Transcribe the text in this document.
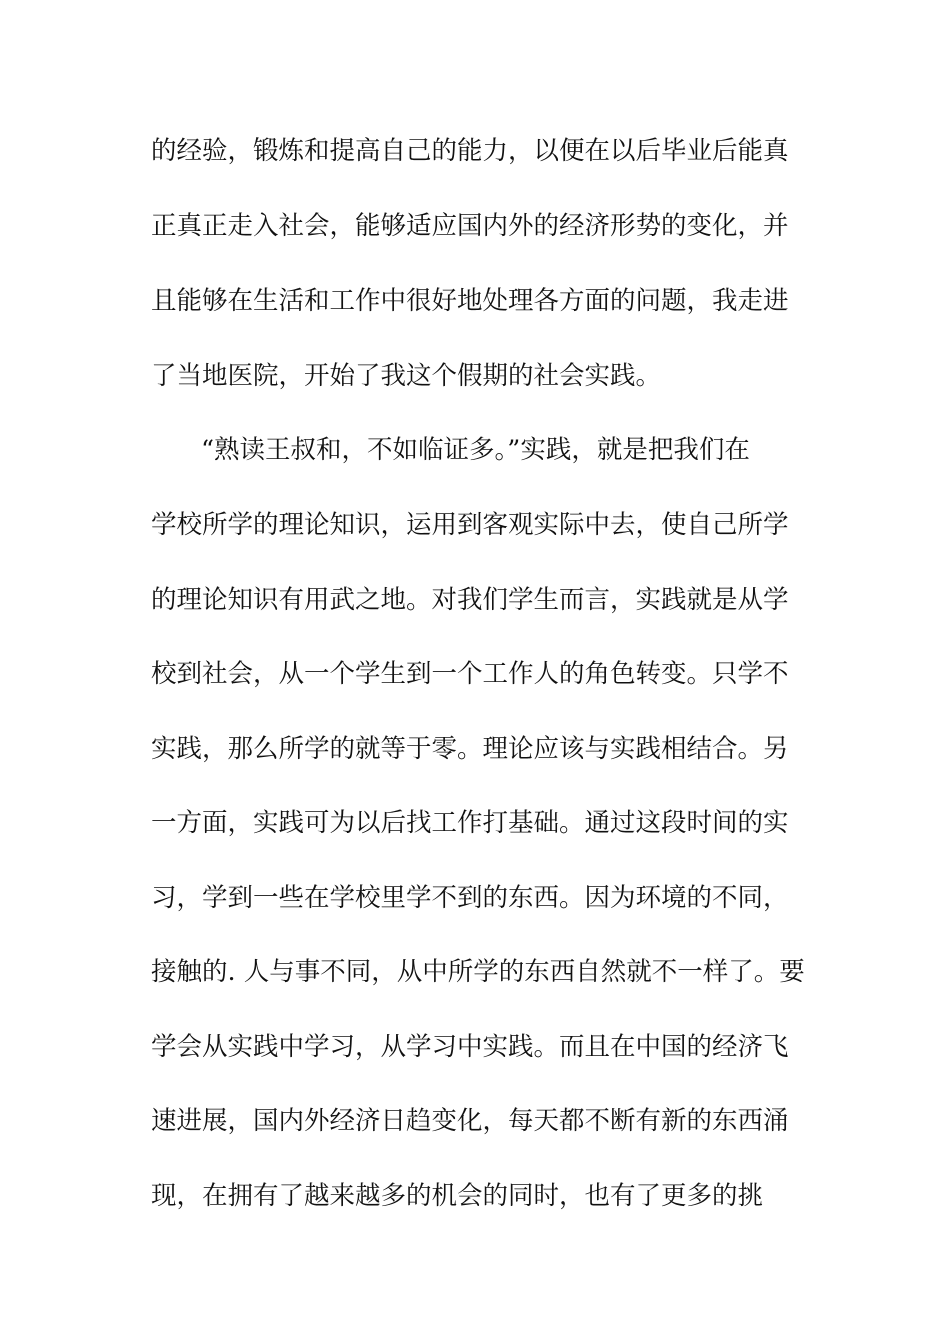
的经验，锻炼和提高自己的能力，以便在以后毕业后能真
正真正走入社会，能够适应国内外的经济形势的变化，并
且能够在生活和工作中很好地处理各方面的问题，我走进
了当地医院，开始了我这个假期的社会实践。
“熟读王叔和，不如临证多。”实践，就是把我们在
学校所学的理论知识，运用到客观实际中去，使自己所学
的理论知识有用武之地。对我们学生而言，实践就是从学
校到社会，从一个学生到一个工作人的角色转变。只学不
实践，那么所学的就等于零。理论应该与实践相结合。另
一方面，实践可为以后找工作打基础。通过这段时间的实
习，学到一些在学校里学不到的东西。因为环境的不同，
接触的. 人与事不同，从中所学的东西自然就不一样了。要
学会从实践中学习，从学习中实践。而且在中国的经济飞
速进展，国内外经济日趋变化，每天都不断有新的东西涌
现，在拥有了越来越多的机会的同时，也有了更多的挑
